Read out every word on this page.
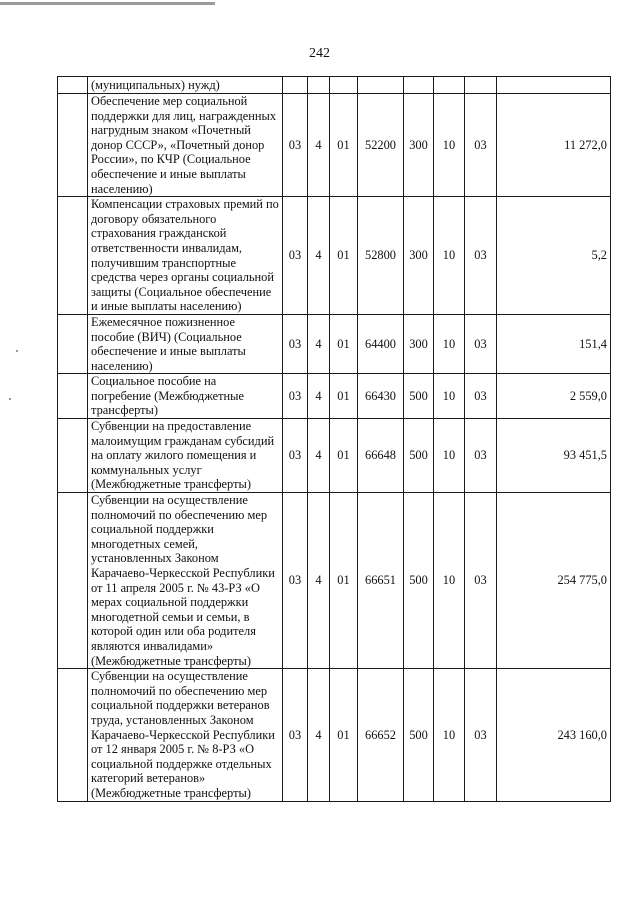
242
	(муниципальных) нужд)								
	Обеспечение мер социальной поддержки для лиц, награжденных нагрудным знаком «Почетный донор СССР», «Почетный донор России», по КЧР (Социальное обеспечение и иные выплаты населению)	03	4	01	52200	300	10	03	11 272,0
	Компенсации страховых премий по договору обязательного страхования гражданской ответственности инвалидам, получившим транспортные средства через органы социальной защиты (Социальное обеспечение и иные выплаты населению)	03	4	01	52800	300	10	03	5,2
	Ежемесячное пожизненное пособие (ВИЧ) (Социальное обеспечение и иные выплаты населению)	03	4	01	64400	300	10	03	151,4
	Социальное пособие на погребение (Межбюджетные трансферты)	03	4	01	66430	500	10	03	2 559,0
	Субвенции на предоставление малоимущим гражданам субсидий на оплату жилого помещения и коммунальных услуг (Межбюджетные трансферты)	03	4	01	66648	500	10	03	93 451,5
	Субвенции на осуществление полномочий по обеспечению мер социальной поддержки многодетных семей, установленных Законом Карачаево-Черкесской Республики от 11 апреля 2005 г. № 43-РЗ «О мерах социальной поддержки многодетной семьи и семьи, в которой один или оба родителя являются инвалидами» (Межбюджетные трансферты)	03	4	01	66651	500	10	03	254 775,0
	Субвенции на осуществление полномочий по обеспечению мер социальной поддержки ветеранов труда, установленных Законом Карачаево-Черкесской Республики от 12 января 2005 г. № 8-РЗ «О социальной поддержке отдельных категорий ветеранов» (Межбюджетные трансферты)	03	4	01	66652	500	10	03	243 160,0
